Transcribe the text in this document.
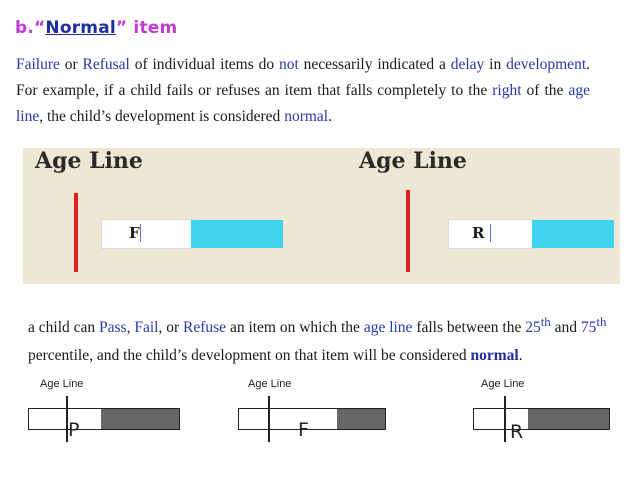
b.“Normal” item
Failure or Refusal of individual items do not necessarily indicated a delay in development. For example, if a child fails or refuses an item that falls completely to the right of the age line, the child’s development is considered normal.
Age Line
F
Age Line
R
a child can Pass, Fail, or Refuse an item on which the age line falls between the 25th and 75th percentile, and the child’s development on that item will be considered normal.
Age Line
P
Age Line
F
Age Line
R
